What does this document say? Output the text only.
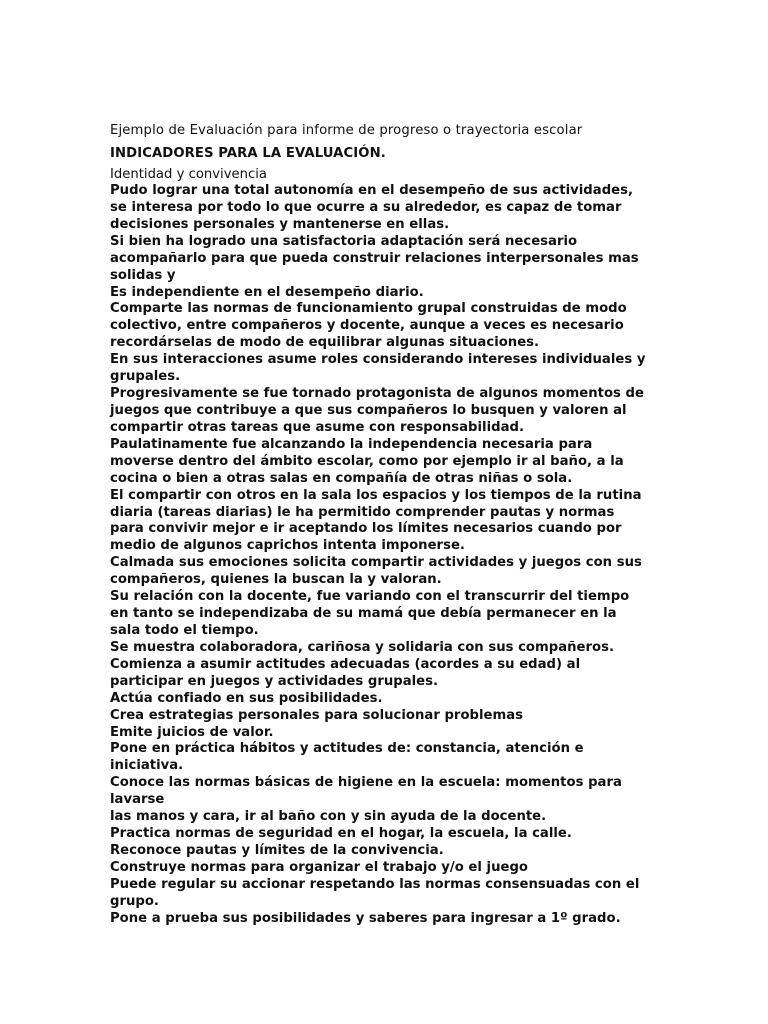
Ejemplo de Evaluación para informe de progreso o trayectoria escolar

INDICADORES PARA LA EVALUACIÓN.

Identidad y convivencia

Pudo lograr una total autonomía en el desempeño de sus actividades, se interesa por todo lo que ocurre a su alrededor, es capaz de tomar decisiones personales y mantenerse en ellas.

Si bien ha logrado una satisfactoria adaptación será necesario acompañarlo para que pueda construir relaciones interpersonales mas solidas y

Es independiente en el desempeño diario.

Comparte las normas de funcionamiento grupal construidas de modo colectivo, entre compañeros y docente, aunque a veces es necesario recordárselas de modo de equilibrar algunas situaciones.

En sus interacciones asume roles considerando intereses individuales y grupales.

Progresivamente se fue tornado protagonista de algunos momentos de juegos que contribuye a que sus compañeros lo busquen y valoren al compartir otras tareas que asume con responsabilidad.

Paulatinamente fue alcanzando la independencia necesaria para moverse dentro del ámbito escolar, como por ejemplo ir al baño, a la cocina o bien a otras salas en compañía de otras niñas o sola.

El compartir con otros en la sala los espacios y los tiempos de la rutina diaria (tareas diarias) le ha permitido comprender pautas y normas para convivir mejor e ir aceptando los límites necesarios cuando por medio de algunos caprichos intenta imponerse.

Calmada sus emociones solicita compartir actividades y juegos con sus compañeros, quienes la buscan la y valoran.

Su relación con la docente, fue variando con el transcurrir del tiempo en tanto se independizaba de su mamá que debía permanecer en la sala todo el tiempo.

Se muestra colaboradora, cariñosa y solidaria con sus compañeros.

Comienza a asumir actitudes adecuadas (acordes a su edad) al participar en juegos y actividades grupales.

Actúa confiado en sus posibilidades.

Crea estrategias personales para solucionar problemas

Emite juicios de valor.

Pone en práctica hábitos y actitudes de: constancia, atención e iniciativa.

Conoce las normas básicas de higiene en la escuela: momentos para lavarse

las manos y cara, ir al baño con y sin ayuda de la docente.

Practica normas de seguridad en el hogar, la escuela, la calle.

Reconoce pautas y límites de la convivencia.

Construye normas para organizar el trabajo y/o el juego

Puede regular su accionar respetando las normas consensuadas con el grupo.

Pone a prueba sus posibilidades y saberes para ingresar a 1º grado.
